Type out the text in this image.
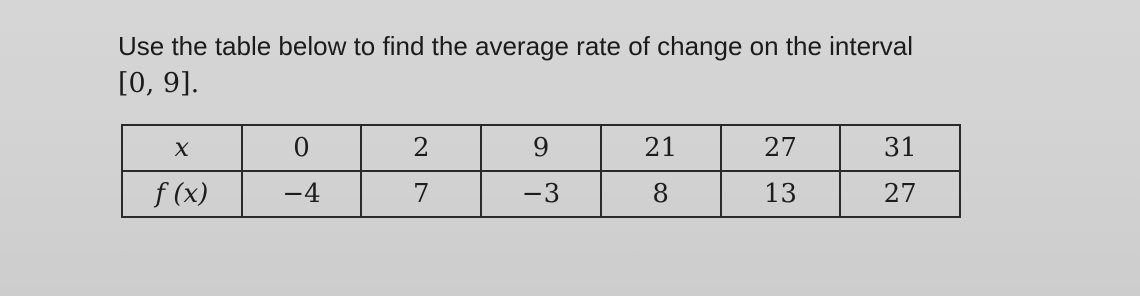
Use the table below to find the average rate of change on the interval
[0, 9].
x	0	2	9	21	27	31
f (x)	−4	7	−3	8	13	27
